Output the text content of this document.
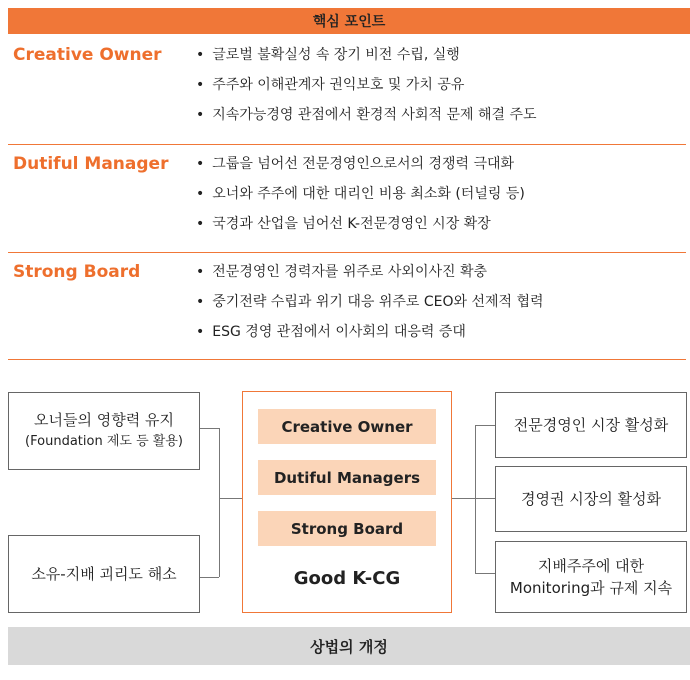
핵심 포인트
Creative Owner	• 글로벌 불확실성 속 장기 비전 수립, 실행
• 주주와 이해관계자 권익보호 및 가치 공유
• 지속가능경영 관점에서 환경적 사회적 문제 해결 주도
Dutiful Manager	• 그룹을 넘어선 전문경영인으로서의 경쟁력 극대화
• 오너와 주주에 대한 대리인 비용 최소화 (터널링 등)
• 국경과 산업을 넘어선 K-전문경영인 시장 확장
Strong Board	• 전문경영인 경력자를 위주로 사외이사진 확충
• 중기전략 수립과 위기 대응 위주로 CEO와 선제적 협력
• ESG 경영 관점에서 이사회의 대응력 증대
오너들의 영향력 유지
(Foundation 제도 등 활용)
소유-지배 괴리도 해소
Creative Owner
Dutiful Managers
Strong Board
Good K-CG
전문경영인 시장 활성화
경영권 시장의 활성화
지배주주에 대한
Monitoring과 규제 지속
상법의 개정
